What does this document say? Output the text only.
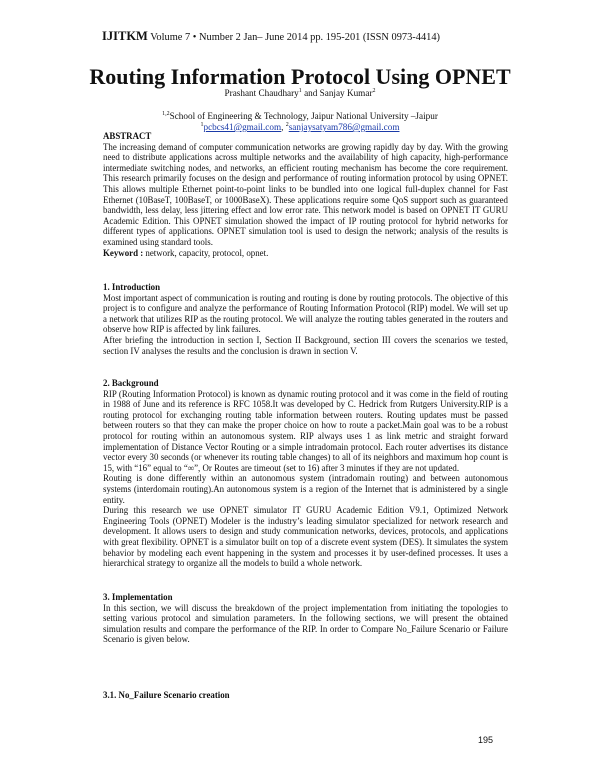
IJITKM Volume 7 • Number 2 Jan– June 2014 pp. 195-201 (ISSN 0973-4414)
Routing Information Protocol Using OPNET
Prashant Chaudhary$^1$ and Sanjay Kumar$^2$
$^{1,2}$School of Engineering & Technology, Jaipur National University –Jaipur
$^1$pcbcs41@gmail.com, $^2$sanjaysatyam786@gmail.com

ABSTRACT

The increasing demand of computer communication networks are growing rapidly day by day. With the growing need to distribute applications across multiple networks and the availability of high capacity, high-performance intermediate switching nodes, and networks, an efficient routing mechanism has become the core requirement. This research primarily focuses on the design and performance of routing information protocol by using OPNET. This allows multiple Ethernet point-to-point links to be bundled into one logical full-duplex channel for Fast Ethernet (10BaseT, 100BaseT, or 1000BaseX). These applications require some QoS support such as guaranteed bandwidth, less delay, less jittering effect and low error rate. This network model is based on OPNET IT GURU Academic Edition. This OPNET simulation showed the impact of IP routing protocol for hybrid networks for different types of applications. OPNET simulation tool is used to design the network; analysis of the results is examined using standard tools.

Keyword : network, capacity, protocol, opnet.

1. Introduction

Most important aspect of communication is routing and routing is done by routing protocols. The objective of this project is to configure and analyze the performance of Routing Information Protocol (RIP) model. We will set up a network that utilizes RIP as the routing protocol. We will analyze the routing tables generated in the routers and observe how RIP is affected by link failures.

After briefing the introduction in section I, Section II Background, section III covers the scenarios we tested, section IV analyses the results and the conclusion is drawn in section V.

2. Background

RIP (Routing Information Protocol) is known as dynamic routing protocol and it was come in the field of routing in 1988 of June and its reference is RFC 1058.It was developed by C. Hedrick from Rutgers University.RIP is a routing protocol for exchanging routing table information between routers. Routing updates must be passed between routers so that they can make the proper choice on how to route a packet.Main goal was to be a robust protocol for routing within an autonomous system. RIP always uses 1 as link metric and straight forward implementation of Distance Vector Routing or a simple intradomain protocol. Each router advertises its distance vector every 30 seconds (or whenever its routing table changes) to all of its neighbors and maximum hop count is 15, with “16” equal to “∞”, Or Routes are timeout (set to 16) after 3 minutes if they are not updated.

Routing is done differently within an autonomous system (intradomain routing) and between autonomous systems (interdomain routing).An autonomous system is a region of the Internet that is administered by a single entity.

During this research we use OPNET simulator IT GURU Academic Edition V9.1, Optimized Network Engineering Tools (OPNET) Modeler is the industry’s leading simulator specialized for network research and development. It allows users to design and study communication networks, devices, protocols, and applications with great flexibility. OPNET is a simulator built on top of a discrete event system (DES). It simulates the system behavior by modeling each event happening in the system and processes it by user-defined processes. It uses a hierarchical strategy to organize all the models to build a whole network.

3. Implementation

In this section, we will discuss the breakdown of the project implementation from initiating the topologies to setting various protocol and simulation parameters. In the following sections, we will present the obtained simulation results and compare the performance of the RIP. In order to Compare No_Failure Scenario or Failure Scenario is given below.

3.1. No_Failure Scenario creation
195
